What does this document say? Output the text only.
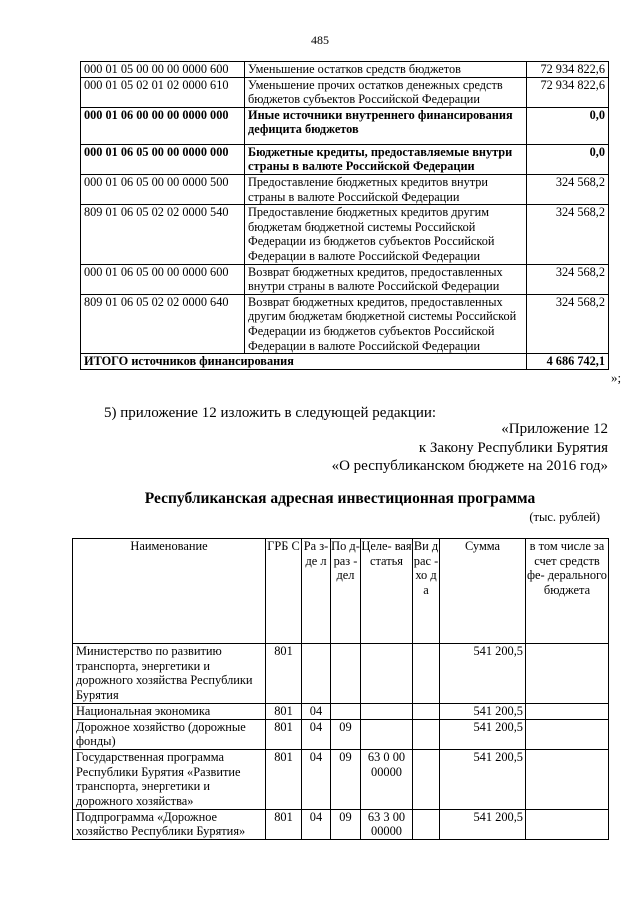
485
000 01 05 00 00 00 0000 600	Уменьшение остатков средств бюджетов	72 934 822,6
000 01 05 02 01 02 0000 610	Уменьшение прочих остатков денежных средств бюджетов субъектов Российской Федерации	72 934 822,6
000 01 06 00 00 00 0000 000	Иные источники внутреннего финансирования дефицита бюджетов	0,0
000 01 06 05 00 00 0000 000	Бюджетные кредиты, предоставляемые внутри страны в валюте Российской Федерации	0,0
000 01 06 05 00 00 0000 500	Предоставление бюджетных кредитов внутри страны в валюте Российской Федерации	324 568,2
809 01 06 05 02 02 0000 540	Предоставление бюджетных кредитов другим бюджетам бюджетной системы Российской Федерации из бюджетов субъектов Российской Федерации в валюте Российской Федерации	324 568,2
000 01 06 05 00 00 0000 600	Возврат бюджетных кредитов, предоставленных внутри страны в валюте Российской Федерации	324 568,2
809 01 06 05 02 02 0000 640	Возврат бюджетных кредитов, предоставленных другим бюджетам бюджетной системы Российской Федерации из бюджетов субъектов Российской Федерации в валюте Российской Федерации	324 568,2
ИТОГО источников финансирования		4 686 742,1
»;
5) приложение 12 изложить в следующей редакции:
«Приложение 12
к Закону Республики Бурятия
«О республиканском бюджете на 2016 год»
Республиканская адресная инвестиционная программа
(тыс. рублей)
Наименование	ГРБ С	Ра з- де л	По д- раз - дел	Целе- вая статья	Ви д рас - хо д а	Сумма	в том числе за счет средств фе- дерального бюджета
Министерство по развитию транспорта, энергетики и дорожного хозяйства Республики Бурятия	801					541 200,5	
Национальная экономика	801	04				541 200,5	
Дорожное хозяйство (дорожные фонды)	801	04	09			541 200,5	
Государственная программа Республики Бурятия «Развитие транспорта, энергетики и дорожного хозяйства»	801	04	09	63 0 00 00000		541 200,5	
Подпрограмма «Дорожное хозяйство Республики Бурятия»	801	04	09	63 3 00 00000		541 200,5	
